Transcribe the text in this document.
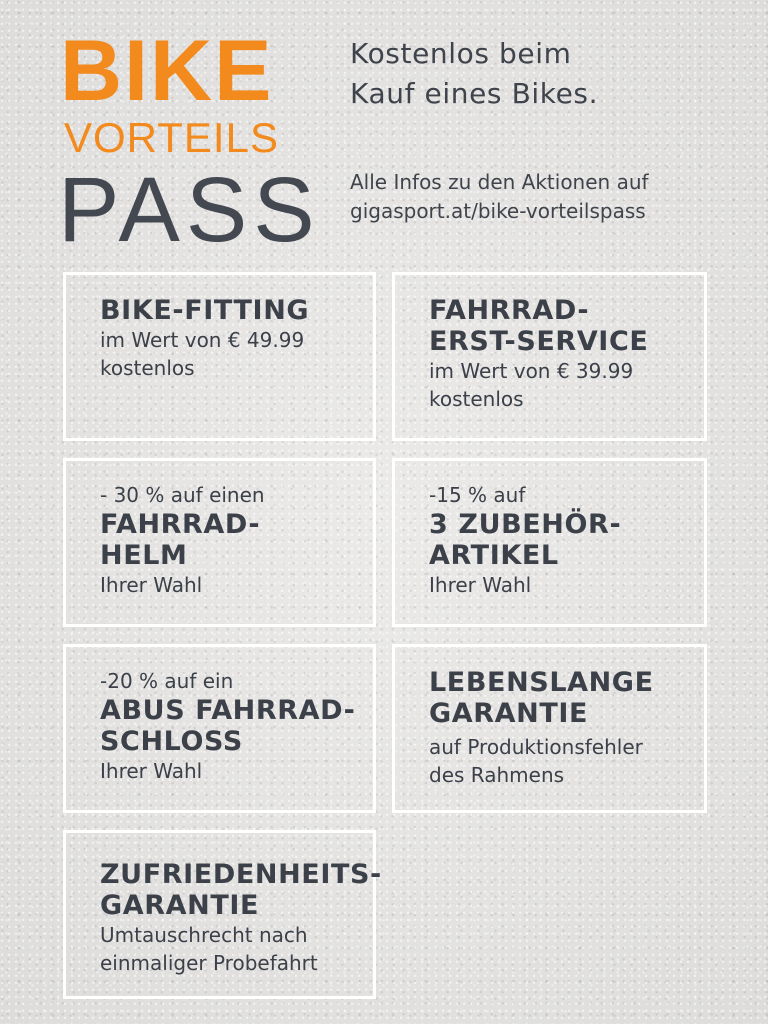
BIKE

VORTEILS

PASS

Kostenlos beim
Kauf eines Bikes.
Alle Infos zu den Aktionen auf
gigasport.at/bike-vorteilspass
BIKE-FITTING
im Wert von € 49.99
kostenlos
FAHRRAD-
ERST-SERVICE
im Wert von € 39.99
kostenlos
- 30 % auf einen
FAHRRAD-
HELM
Ihrer Wahl
-15 % auf
3 ZUBEHÖR-
ARTIKEL
Ihrer Wahl
-20 % auf ein
ABUS FAHRRAD-
SCHLOSS
Ihrer Wahl
LEBENSLANGE
GARANTIE
auf Produktionsfehler
des Rahmens
ZUFRIEDENHEITS-
GARANTIE
Umtauschrecht nach
einmaliger Probefahrt
